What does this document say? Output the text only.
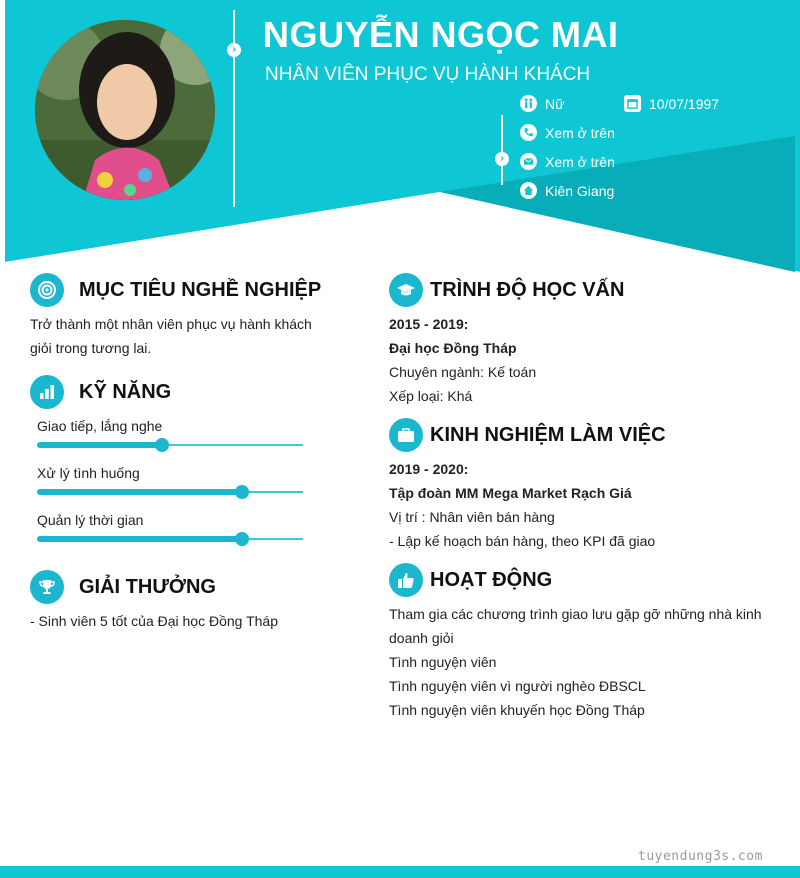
› NGUYỄN NGỌC MAI
NHÂN VIÊN PHỤC VỤ HÀNH KHÁCH
›
Nữ	10/07/1997
Xem ở trên
Xem ở trên
Kiên Giang
MỤC TIÊU NGHỀ NGHIỆP
Trở thành một nhân viên phục vụ hành khách
giỏi trong tương lai.
KỸ NĂNG
Giao tiếp, lắng nghe
Xử lý tình huống
Quản lý thời gian
GIẢI THƯỞNG
- Sinh viên 5 tốt của Đại học Đồng Tháp
TRÌNH ĐỘ HỌC VẤN
2015 - 2019:
Đại học Đồng Tháp
Chuyên ngành: Kế toán
Xếp loại: Khá
KINH NGHIỆM LÀM VIỆC
2019 - 2020:
Tập đoàn MM Mega Market Rạch Giá
Vị trí : Nhân viên bán hàng
- Lập kế hoạch bán hàng, theo KPI đã giao
HOẠT ĐỘNG
Tham gia các chương trình giao lưu gặp gỡ những nhà kinh
doanh giỏi
Tình nguyện viên
Tình nguyện viên vì người nghèo ĐBSCL
Tình nguyện viên khuyến học Đồng Tháp
tuyendung3s.com
